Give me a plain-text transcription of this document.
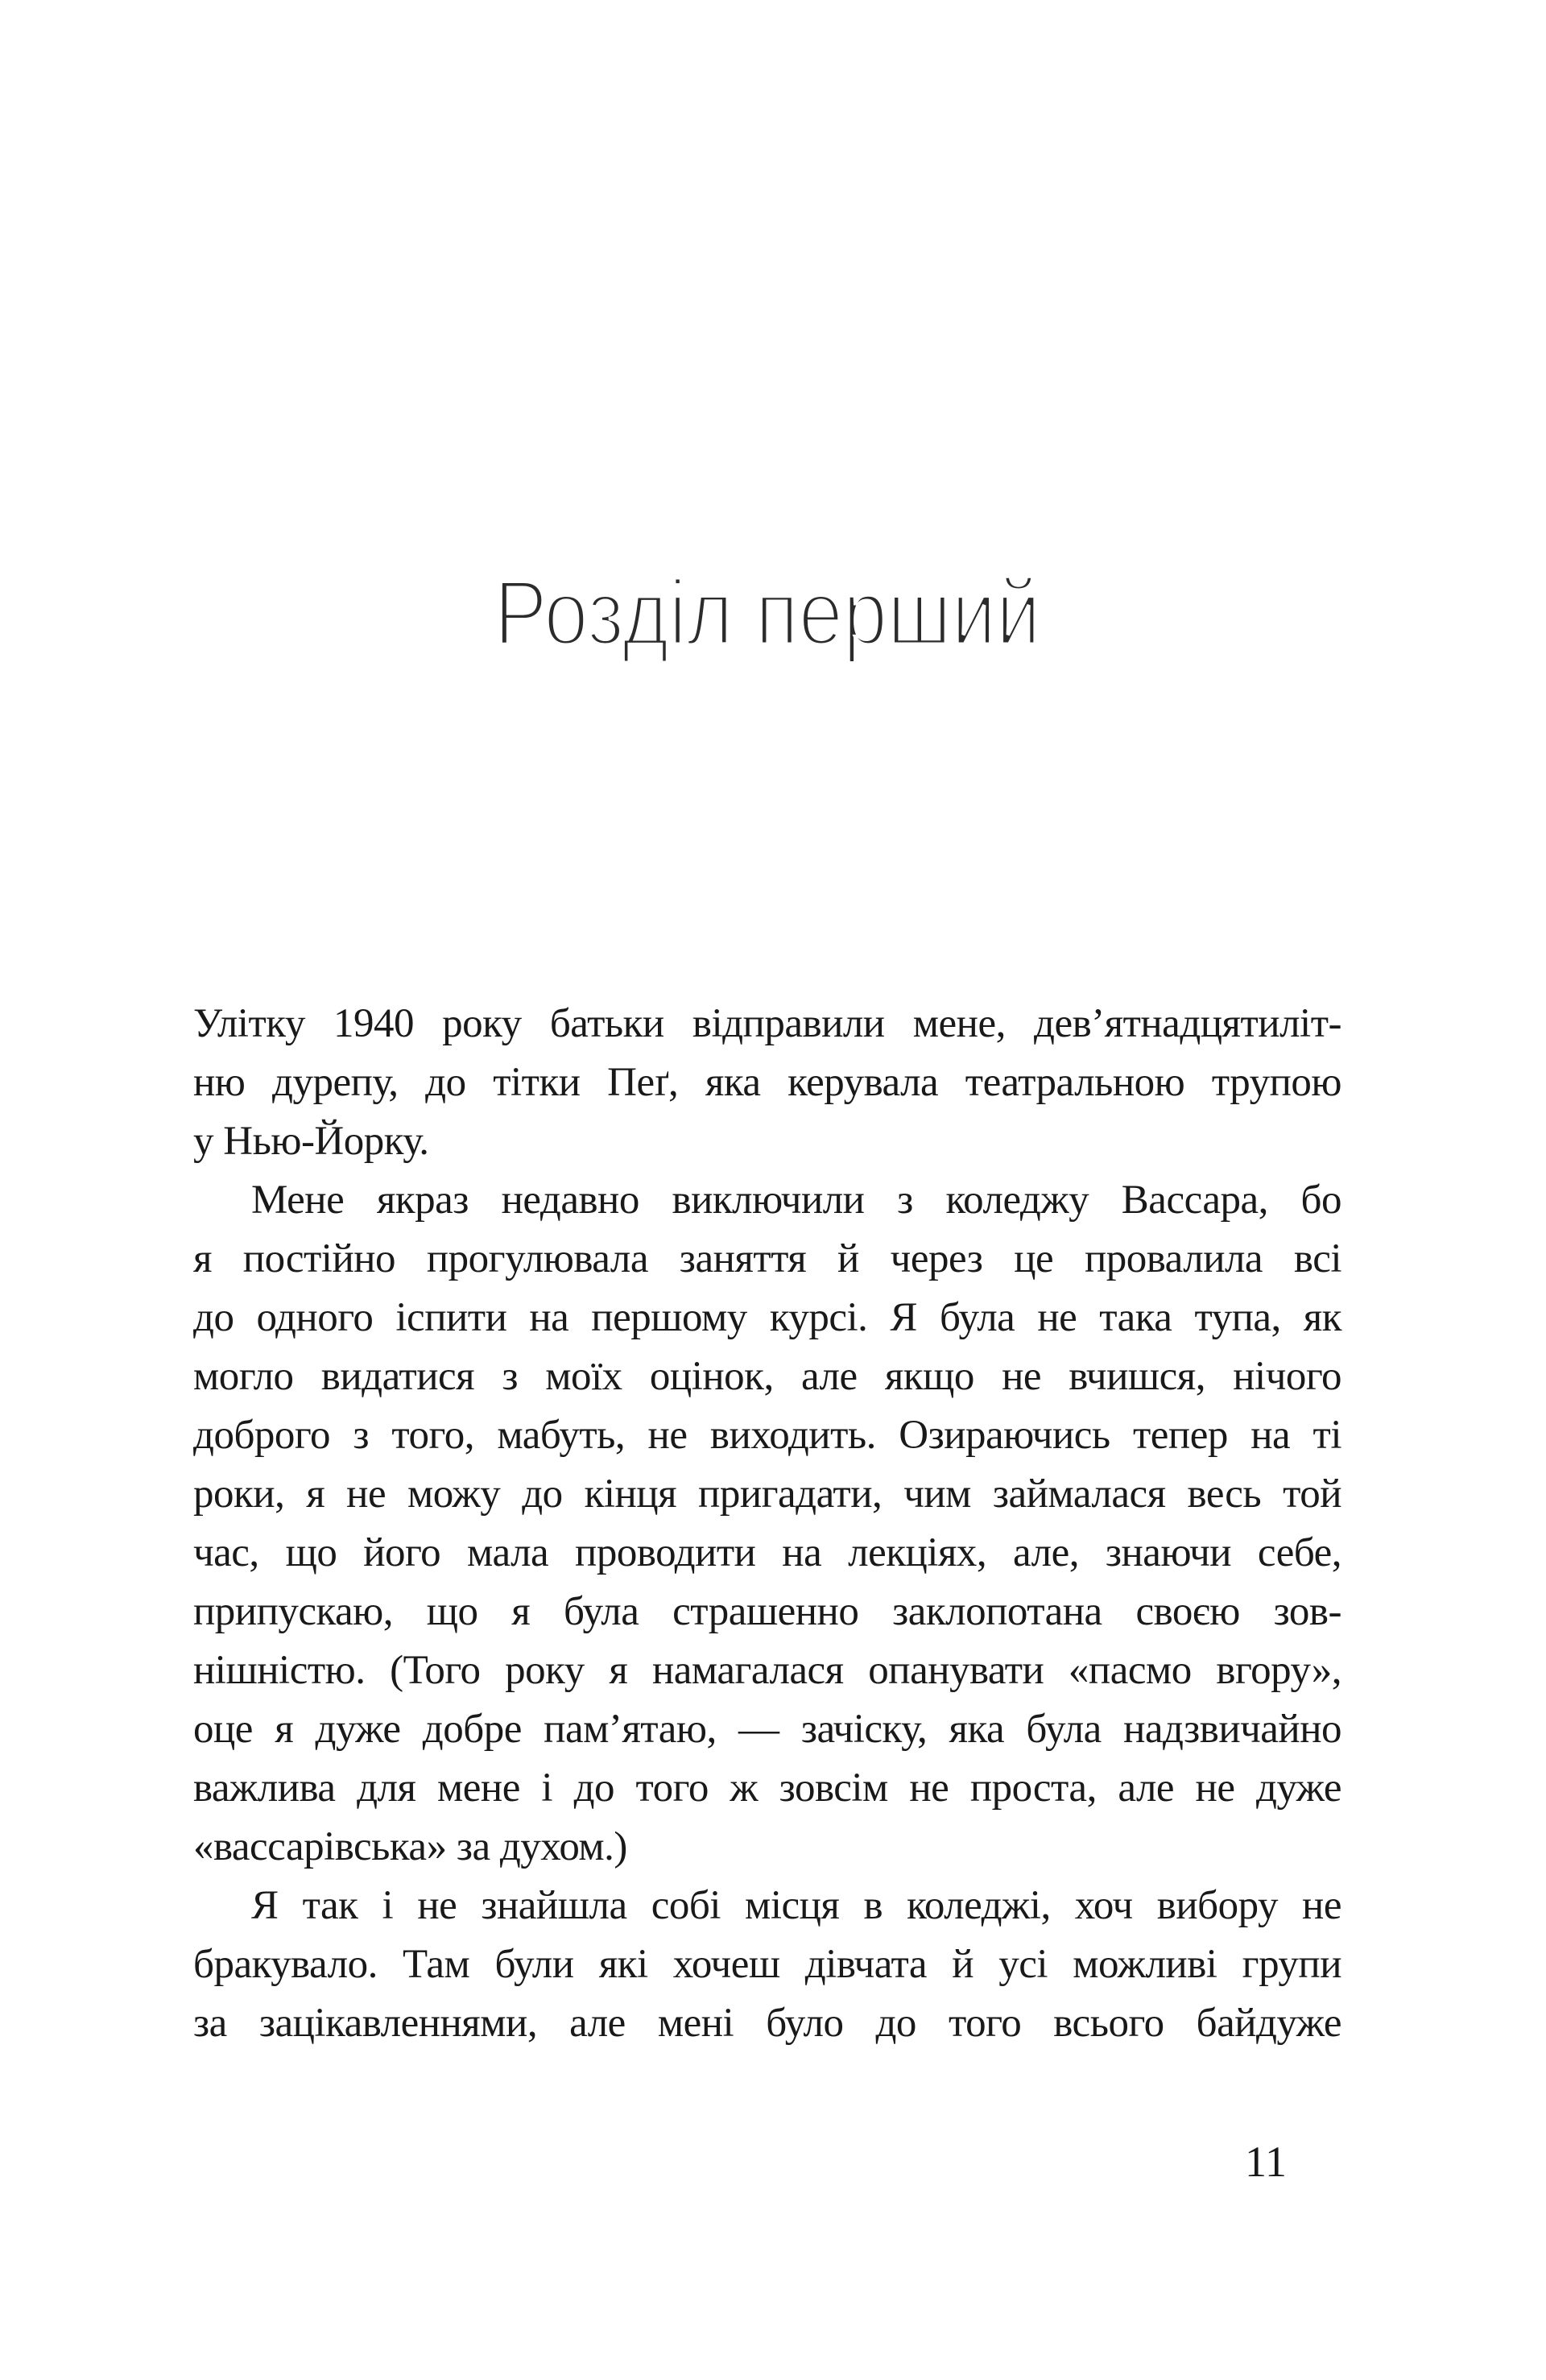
Розділ перший
Улітку 1940 року батьки відправили мене, дев’ятнадцятиліт-
ню дурепу, до тітки Пеґ, яка керувала театральною трупою
у Нью-Йорку.
Мене якраз недавно виключили з коледжу Вассара, бо
я постійно прогулювала заняття й через це провалила всі
до одного іспити на першому курсі. Я була не така тупа, як
могло видатися з моїх оцінок, але якщо не вчишся, нічого
доброго з того, мабуть, не виходить. Озираючись тепер на ті
роки, я не можу до кінця пригадати, чим займалася весь той
час, що його мала проводити на лекціях, але, знаючи себе,
припускаю, що я була страшенно заклопотана своєю зов-
нішністю. (Того року я намагалася опанувати «пасмо вгору»,
оце я дуже добре пам’ятаю, — зачіску, яка була надзвичайно
важлива для мене і до того ж зовсім не проста, але не дуже
«вассарівська» за духом.)
Я так і не знайшла собі місця в коледжі, хоч вибору не
бракувало. Там були які хочеш дівчата й усі можливі групи
за зацікавленнями, але мені було до того всього байдуже
11
